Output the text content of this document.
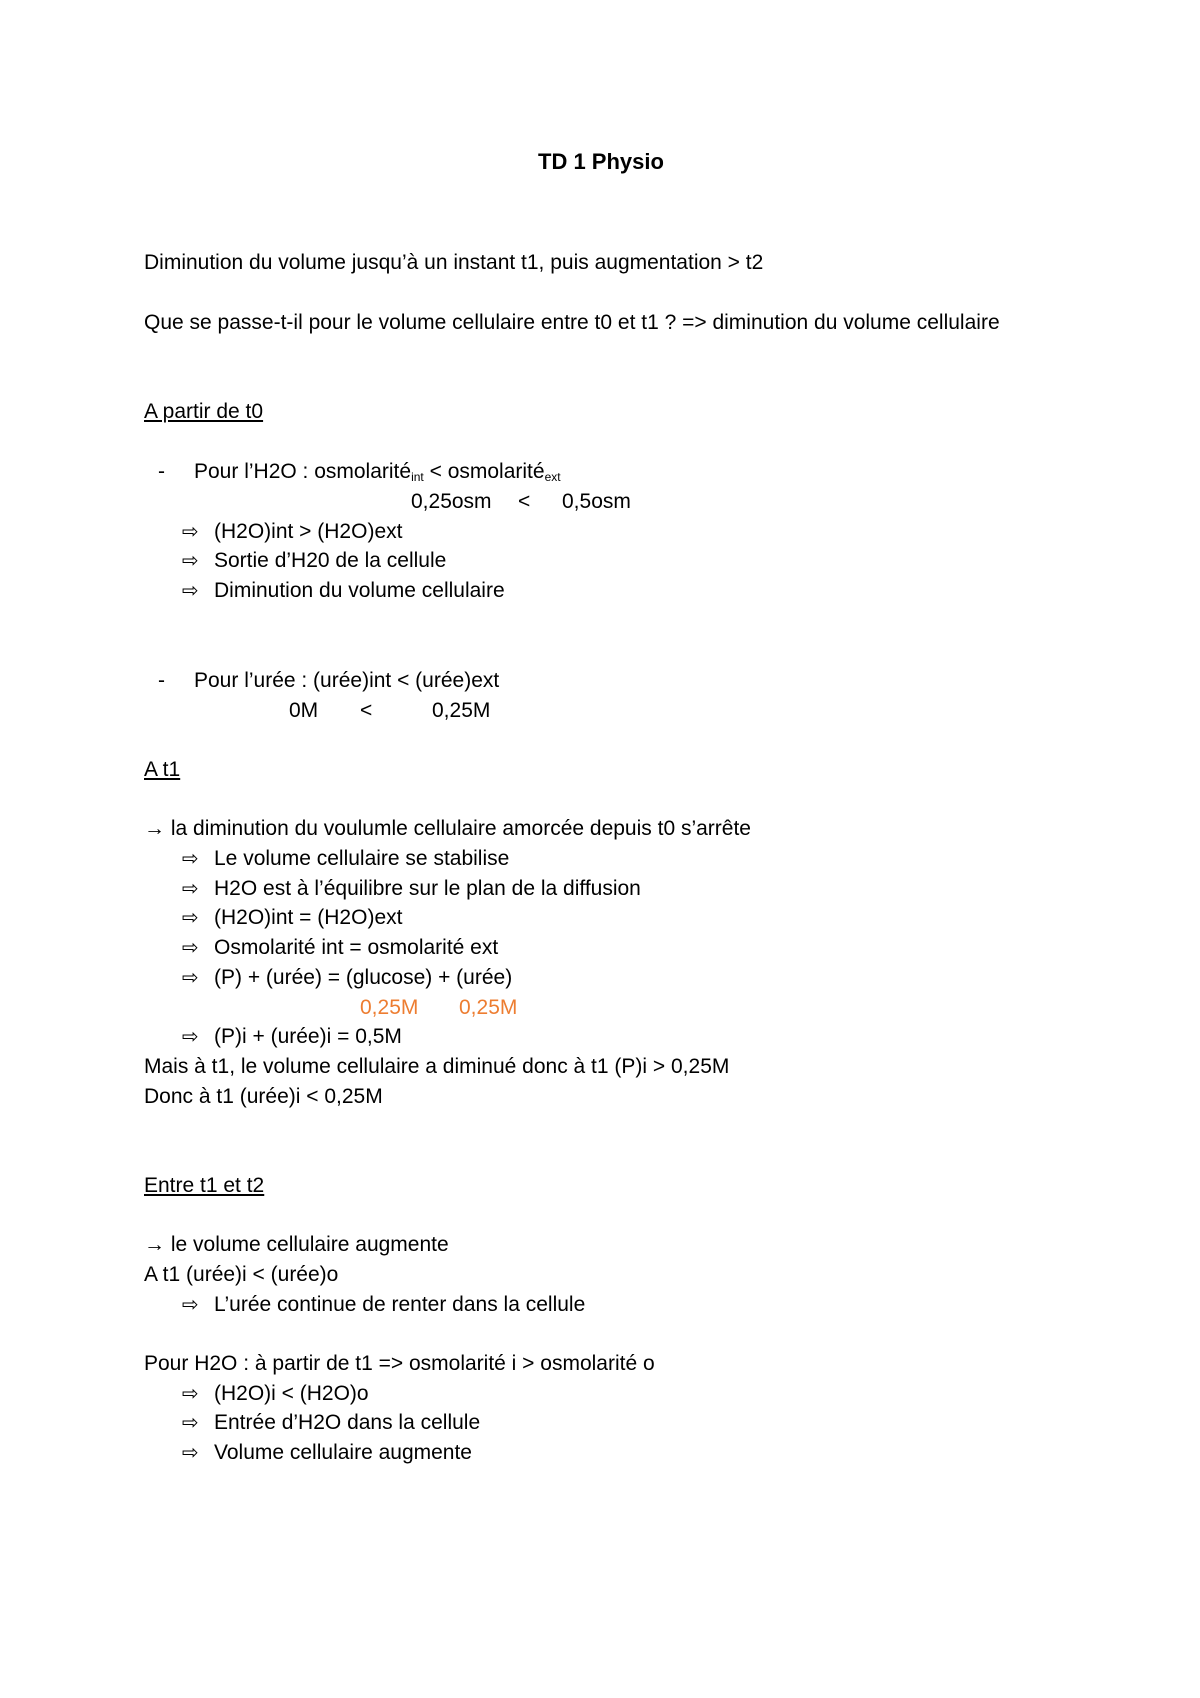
TD 1 Physio
Diminution du volume jusqu’à un instant t1, puis augmentation > t2
Que se passe-t-il pour le volume cellulaire entre t0 et t1 ? => diminution du volume cellulaire
A partir de t0
- Pour l’H2O : osmolarité$_{int}$ < osmolarité$_{ext}$
0,25osm < 0,5osm
⇨ (H2O)int > (H2O)ext
⇨ Sortie d’H20 de la cellule
⇨ Diminution du volume cellulaire
- Pour l’urée : (urée)int < (urée)ext
0M <	0,25M
A t1
→ la diminution du voulumle cellulaire amorcée depuis t0 s’arrête
⇨ Le volume cellulaire se stabilise
⇨ H2O est à l’équilibre sur le plan de la diffusion
⇨ (H2O)int = (H2O)ext
⇨ Osmolarité int = osmolarité ext
⇨ (P) + (urée) = (glucose) + (urée)
0,25M 0,25M
⇨ (P)i + (urée)i = 0,5M
Mais à t1, le volume cellulaire a diminué donc à t1 (P)i > 0,25M
Donc à t1 (urée)i < 0,25M
Entre t1 et t2
→ le volume cellulaire augmente
A t1 (urée)i < (urée)o
⇨ L’urée continue de renter dans la cellule
Pour H2O : à partir de t1 => osmolarité i > osmolarité o
⇨ (H2O)i < (H2O)o
⇨ Entrée d’H2O dans la cellule
⇨ Volume cellulaire augmente
